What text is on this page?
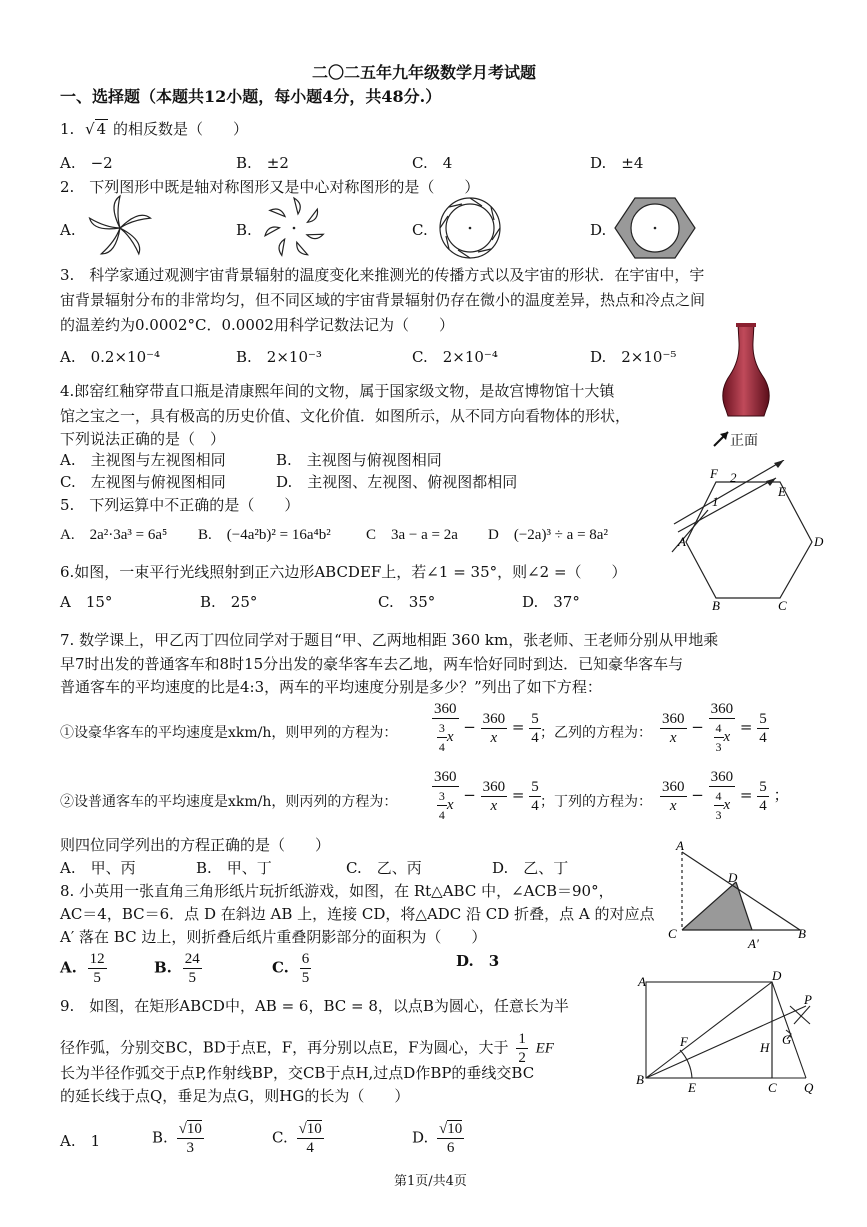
二〇二五年九年级数学月考试题
一、选择题（本题共12小题，每小题4分，共48分.）
1. √ 4 的相反数是（　　）
A.　−2	B.　±2	C.　4	D.　±4
2.　下列图形中既是轴对称图形又是中心对称图形的是（　　）
A.	B.	C.	D.
3.　科学家通过观测宇宙背景辐射的温度变化来推测光的传播方式以及宇宙的形状．在宇宙中，宇
宙背景辐射分布的非常均匀，但不同区域的宇宙背景辐射仍存在微小的温度差异，热点和冷点之间
的温差约为0.0002°C．0.0002用科学记数法记为（　　）
A.　0.2×10⁻⁴	B.　2×10⁻³	C.　2×10⁻⁴	D.　2×10⁻⁵
正面
4.郎窑红釉穿带直口瓶是清康熙年间的文物，属于国家级文物，是故宫博物馆十大镇
馆之宝之一，具有极高的历史价值、文化价值．如图所示，从不同方向看物体的形状，
下列说法正确的是（　）
A.　主视图与左视图相同	B.　主视图与俯视图相同
C.　左视图与俯视图相同	D.　主视图、左视图、俯视图都相同
5.　下列运算中不正确的是（　　）
A.　2a²·3a³ = 6a⁵ B.　(−4a²b)² = 16a⁴b² C　3a − a = 2a D　(−2a)³ ÷ a = 8a²
F 2
E
1
A	D
B	C
6.如图，一束平行光线照射到正六边形ABCDEF上，若∠1 = 35°，则∠2 =（　　）
A　15°	B.　25°	C.　35°	D.　37°
7. 数学课上，甲乙丙丁四位同学对于题目“甲、乙两地相距 360 km，张老师、王老师分别从甲地乘
早7时出发的普通客车和8时15分出发的豪华客车去乙地，两车恰好同时到达．已知豪华客车与
普通客车的平均速度的比是4:3，两车的平均速度分别是多少？”列出了如下方程：
①设豪华客车的平均速度是xkm/h，则甲列的方程为： $\frac{360}{\frac{3}{4} x} - \frac{360}{x} = \frac{5}{4}$ ；乙列的方程为： $\frac{360}{x} - \frac{360}{\frac{4}{3} x} = \frac{5}{4}$
②设普通客车的平均速度是xkm/h，则丙列的方程为： $\frac{360}{\frac{3}{4} x} - \frac{360}{x} = \frac{5}{4}$ ；丁列的方程为： $\frac{360}{x} - \frac{360}{\frac{4}{3} x} = \frac{5}{4}$ ；
则四位同学列出的方程正确的是（　　）
A.　甲、丙	B.　甲、丁	C.　乙、丙	D.　乙、丁
A
D
C
A′
B
8. 小英用一张直角三角形纸片玩折纸游戏，如图，在 Rt△ABC 中，∠ACB＝90°，
AC＝4，BC＝6．点 D 在斜边 AB 上，连接 CD，将△ADC 沿 CD 折叠，点 A 的对应点
A′ 落在 BC 边上，则折叠后纸片重叠阴影部分的面积为（　　）
A. $\frac{12}{5}$	B. $\frac{24}{5}$	C. $\frac{6}{5}$	D.　3
A	D
P
F	G
H
B
E	C Q
9.　如图，在矩形ABCD中，AB = 6，BC = 8，以点B为圆心，任意长为半
径作弧，分别交BC，BD于点E，F，再分别以点E，F为圆心，大于 $\frac{1}{2}$ EF
长为半径作弧交于点P,作射线BP，交CB于点H,过点D作BP的垂线交BC
的延长线于点Q，垂足为点G，则HG的长为（　　）
A.　1	B. $\frac{√10}{3}$	C. $\frac{√10}{4}$	D. $\frac{√10}{6}$
第1页/共4页
